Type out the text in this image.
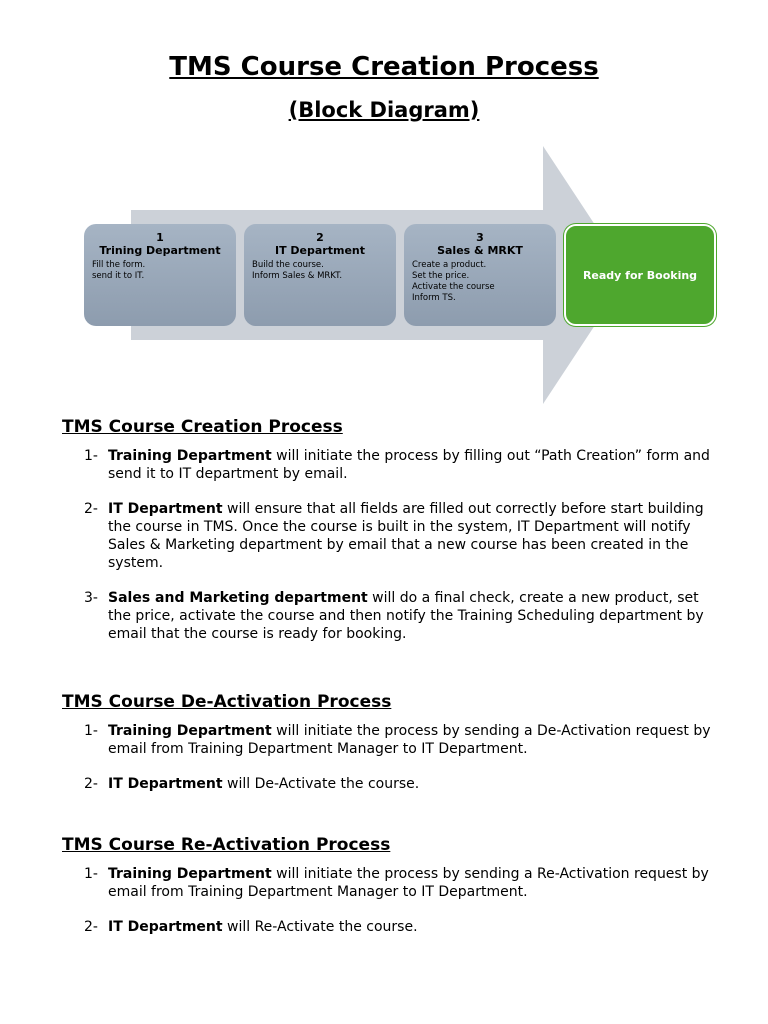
TMS Course Creation Process
(Block Diagram)
1
Trining Department
Fill the form.
send it to IT.
2
IT Department
Build the course.
Inform Sales & MRKT.
3
Sales & MRKT
Create a product.
Set the price.
Activate the course
Inform TS.
Ready for Booking
TMS Course Creation Process
1- Training Department will initiate the process by filling out “Path Creation” form and send it to IT department by email.
2- IT Department will ensure that all fields are filled out correctly before start building the course in TMS. Once the course is built in the system, IT Department will notify Sales & Marketing department by email that a new course has been created in the system.
3- Sales and Marketing department will do a final check, create a new product, set the price, activate the course and then notify the Training Scheduling department by email that the course is ready for booking.
TMS Course De-Activation Process
1- Training Department will initiate the process by sending a De-Activation request by email from Training Department Manager to IT Department.
2- IT Department will De-Activate the course.
TMS Course Re-Activation Process
1- Training Department will initiate the process by sending a Re-Activation request by email from Training Department Manager to IT Department.
2- IT Department will Re-Activate the course.
